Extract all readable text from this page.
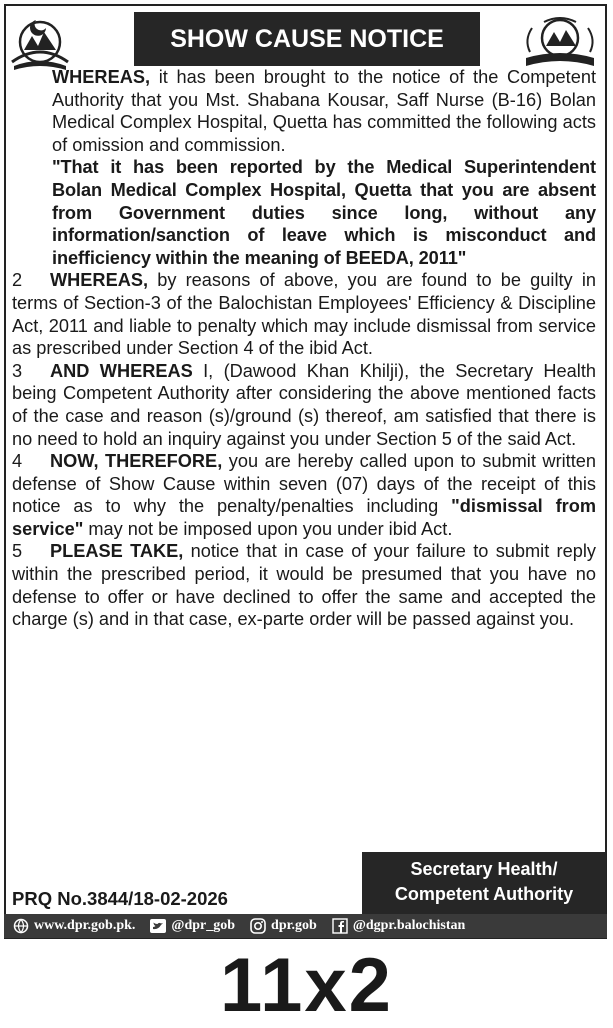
SHOW CAUSE NOTICE

WHEREAS, it has been brought to the notice of the Competent Authority that you Mst. Shabana Kousar, Saff Nurse (B-16) Bolan Medical Complex Hospital, Quetta has committed the following acts of omission and commission.

"That it has been reported by the Medical Superintendent Bolan Medical Complex Hospital, Quetta that you are absent from Government duties since long, without any information/sanction of leave which is misconduct and inefficiency within the meaning of BEEDA, 2011"

2 WHEREAS, by reasons of above, you are found to be guilty in terms of Section-3 of the Balochistan Employees' Efficiency & Discipline Act, 2011 and liable to penalty which may include dismissal from service as prescribed under Section 4 of the ibid Act.

3 AND WHEREAS I, (Dawood Khan Khilji), the Secretary Health being Competent Authority after considering the above mentioned facts of the case and reason (s)/ground (s) thereof, am satisfied that there is no need to hold an inquiry against you under Section 5 of the said Act.

4 NOW, THEREFORE, you are hereby called upon to submit written defense of Show Cause within seven (07) days of the receipt of this notice as to why the penalty/penalties including "dismissal from service" may not be imposed upon you under ibid Act.

5 PLEASE TAKE, notice that in case of your failure to submit reply within the prescribed period, it would be presumed that you have no defense to offer or have declined to offer the same and accepted the charge (s) and in that case, ex-parte order will be passed against you.

Secretary Health/
Competent Authority
PRQ No.3844/18-02-2026
www.dpr.gob.pk.	@dpr_gob	dpr.gob	@dgpr.balochistan
11x2
